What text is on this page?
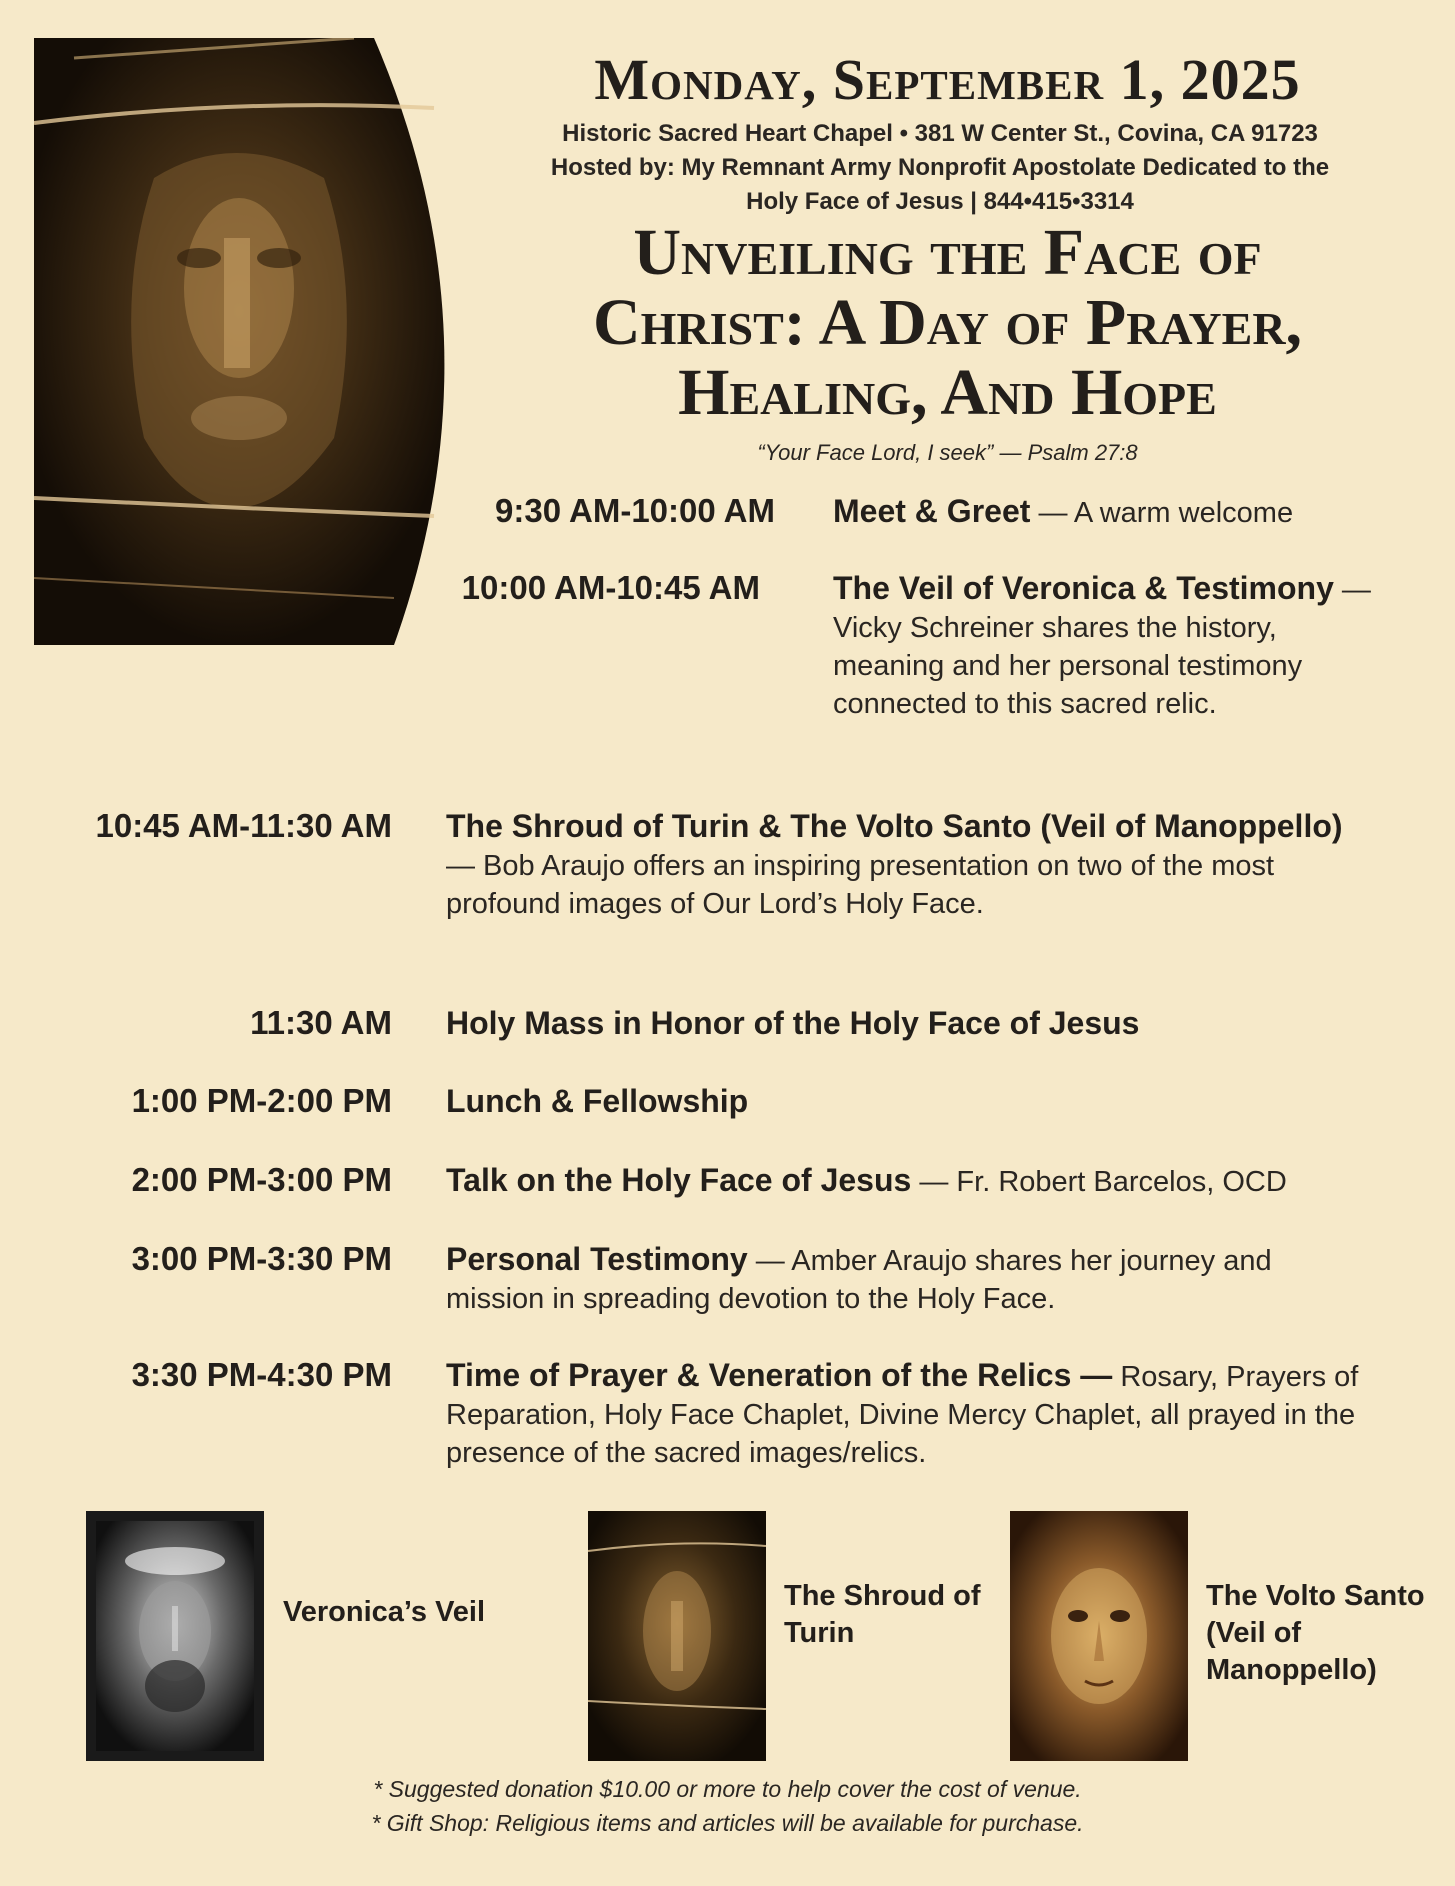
Monday, September 1, 2025
Historic Sacred Heart Chapel • 381 W Center St., Covina, CA 91723
Hosted by: My Remnant Army Nonprofit Apostolate Dedicated to the
Holy Face of Jesus | 844•415•3314
Unveiling the Face of
Christ: A Day of Prayer,
Healing, And Hope
“Your Face Lord, I seek” — Psalm 27:8
9:30 AM-10:00 AM Meet & Greet — A warm welcome
10:00 AM-10:45 AM The Veil of Veronica & Testimony — Vicky Schreiner shares the history, meaning and her personal testimony connected to this sacred relic.
10:45 AM-11:30 AM The Shroud of Turin & The Volto Santo (Veil of Manoppello) — Bob Araujo offers an inspiring presentation on two of the most profound images of Our Lord’s Holy Face.
11:30 AM Holy Mass in Honor of the Holy Face of Jesus
1:00 PM-2:00 PM Lunch & Fellowship
2:00 PM-3:00 PM Talk on the Holy Face of Jesus — Fr. Robert Barcelos, OCD
3:00 PM-3:30 PM Personal Testimony — Amber Araujo shares her journey and mission in spreading devotion to the Holy Face.
3:30 PM-4:30 PM Time of Prayer & Veneration of the Relics — Rosary, Prayers of Reparation, Holy Face Chaplet, Divine Mercy Chaplet, all prayed in the presence of the sacred images/relics.
Veronica’s Veil	The Shroud of Turin
The Volto Santo (Veil of Manoppello)
* Suggested donation $10.00 or more to help cover the cost of venue.
* Gift Shop: Religious items and articles will be available for purchase.
